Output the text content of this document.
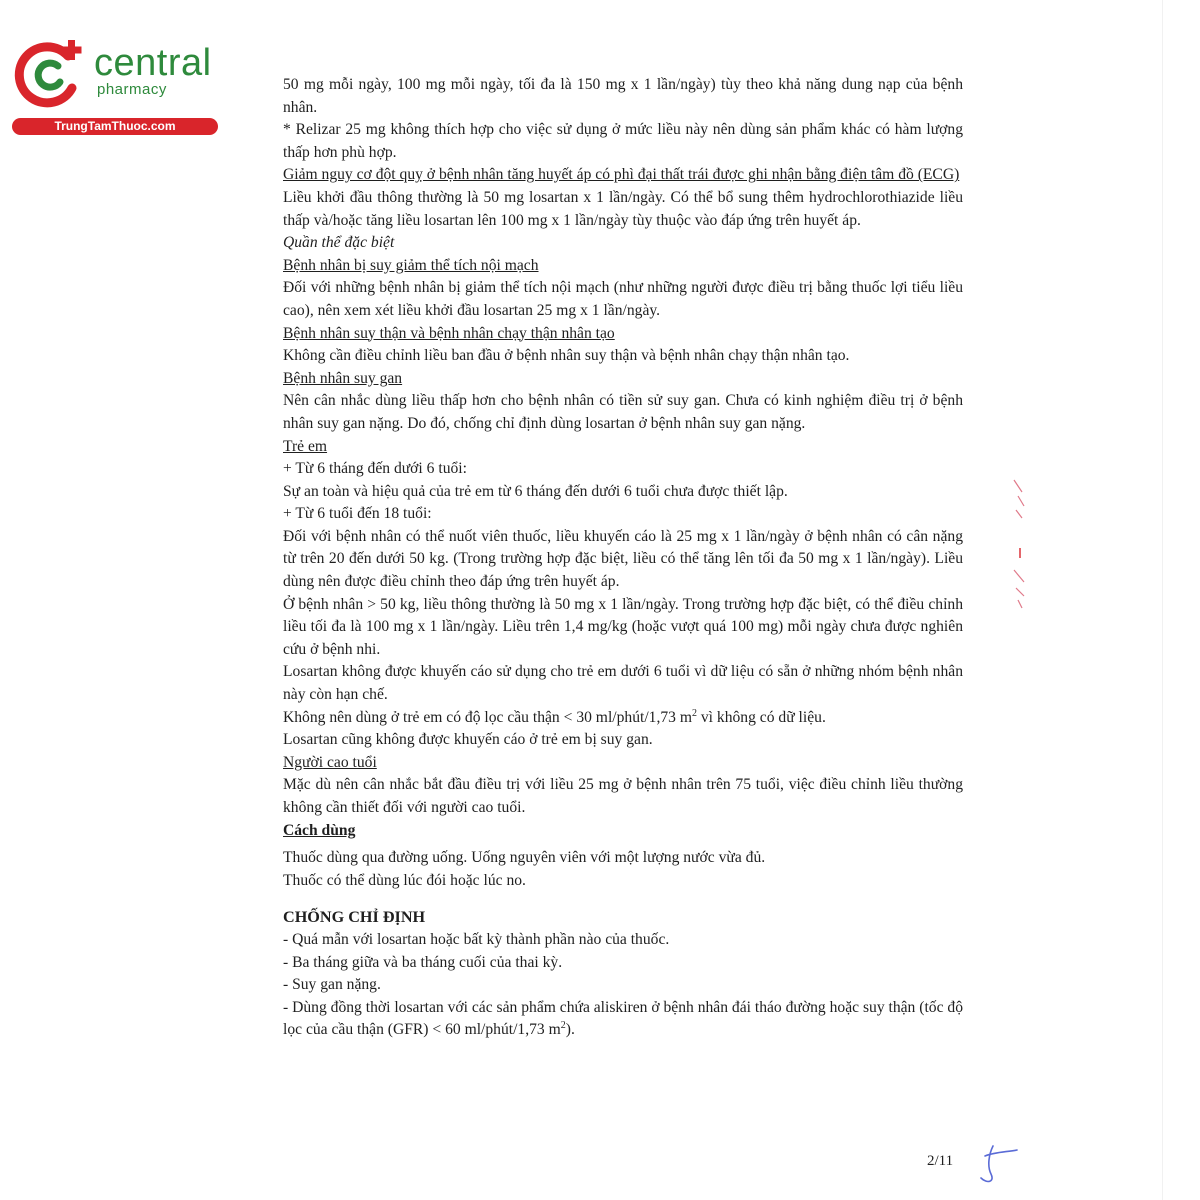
central
pharmacy
TrungTamThuoc.com

50 mg mỗi ngày, 100 mg mỗi ngày, tối đa là 150 mg x 1 lần/ngày) tùy theo khả năng dung nạp của bệnh nhân.

* Relizar 25 mg không thích hợp cho việc sử dụng ở mức liều này nên dùng sản phẩm khác có hàm lượng thấp hơn phù hợp.

Giảm nguy cơ đột quỵ ở bệnh nhân tăng huyết áp có phì đại thất trái được ghi nhận bằng điện tâm đồ (ECG)

Liều khởi đầu thông thường là 50 mg losartan x 1 lần/ngày. Có thể bổ sung thêm hydrochlorothiazide liều thấp và/hoặc tăng liều losartan lên 100 mg x 1 lần/ngày tùy thuộc vào đáp ứng trên huyết áp.

Quần thể đặc biệt

Bệnh nhân bị suy giảm thể tích nội mạch

Đối với những bệnh nhân bị giảm thể tích nội mạch (như những người được điều trị bằng thuốc lợi tiểu liều cao), nên xem xét liều khởi đầu losartan 25 mg x 1 lần/ngày.

Bệnh nhân suy thận và bệnh nhân chạy thận nhân tạo

Không cần điều chỉnh liều ban đầu ở bệnh nhân suy thận và bệnh nhân chạy thận nhân tạo.

Bệnh nhân suy gan

Nên cân nhắc dùng liều thấp hơn cho bệnh nhân có tiền sử suy gan. Chưa có kinh nghiệm điều trị ở bệnh nhân suy gan nặng. Do đó, chống chỉ định dùng losartan ở bệnh nhân suy gan nặng.

Trẻ em

+ Từ 6 tháng đến dưới 6 tuổi:

Sự an toàn và hiệu quả của trẻ em từ 6 tháng đến dưới 6 tuổi chưa được thiết lập.

+ Từ 6 tuổi đến 18 tuổi:

Đối với bệnh nhân có thể nuốt viên thuốc, liều khuyến cáo là 25 mg x 1 lần/ngày ở bệnh nhân có cân nặng từ trên 20 đến dưới 50 kg. (Trong trường hợp đặc biệt, liều có thể tăng lên tối đa 50 mg x 1 lần/ngày). Liều dùng nên được điều chỉnh theo đáp ứng trên huyết áp.

Ở bệnh nhân > 50 kg, liều thông thường là 50 mg x 1 lần/ngày. Trong trường hợp đặc biệt, có thể điều chỉnh liều tối đa là 100 mg x 1 lần/ngày. Liều trên 1,4 mg/kg (hoặc vượt quá 100 mg) mỗi ngày chưa được nghiên cứu ở bệnh nhi.

Losartan không được khuyến cáo sử dụng cho trẻ em dưới 6 tuổi vì dữ liệu có sẵn ở những nhóm bệnh nhân này còn hạn chế.

Không nên dùng ở trẻ em có độ lọc cầu thận < 30 ml/phút/1,73 $m^2$ vì không có dữ liệu.

Losartan cũng không được khuyến cáo ở trẻ em bị suy gan.

Người cao tuổi

Mặc dù nên cân nhắc bắt đầu điều trị với liều 25 mg ở bệnh nhân trên 75 tuổi, việc điều chỉnh liều thường không cần thiết đối với người cao tuổi.

Cách dùng

Thuốc dùng qua đường uống. Uống nguyên viên với một lượng nước vừa đủ.

Thuốc có thể dùng lúc đói hoặc lúc no.

CHỐNG CHỈ ĐỊNH

- Quá mẫn với losartan hoặc bất kỳ thành phần nào của thuốc.

- Ba tháng giữa và ba tháng cuối của thai kỳ.

- Suy gan nặng.

- Dùng đồng thời losartan với các sản phẩm chứa aliskiren ở bệnh nhân đái tháo đường hoặc suy thận (tốc độ lọc của cầu thận (GFR) < 60 ml/phút/1,73 $m^2$).

2/11
